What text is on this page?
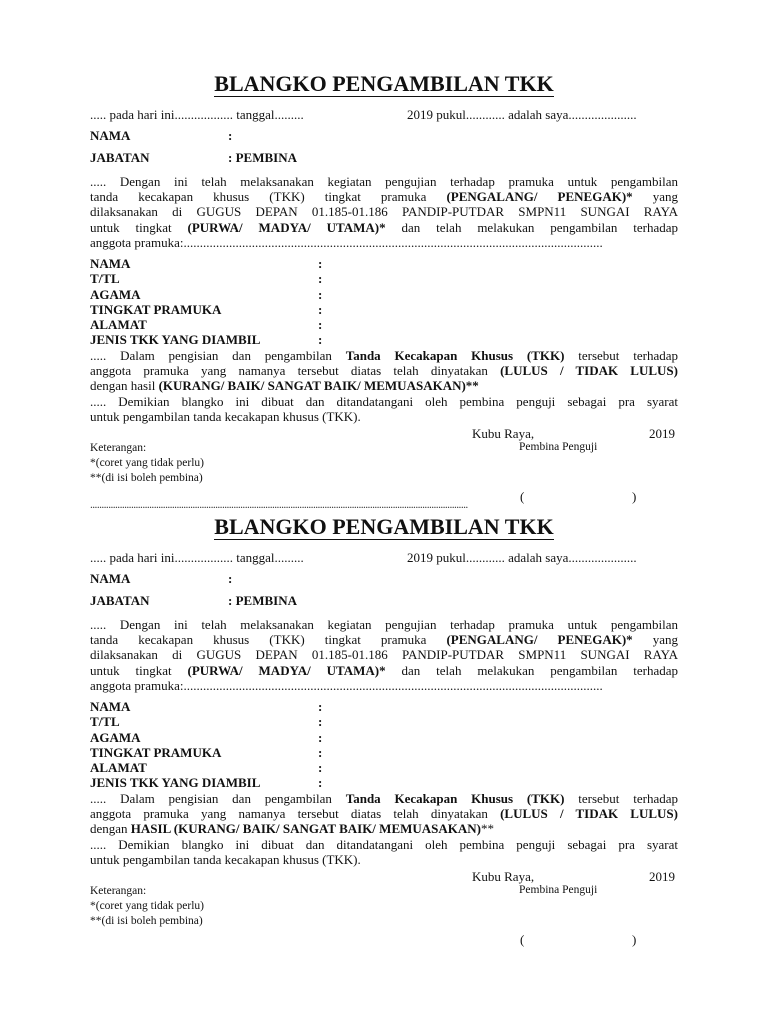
BLANGKO PENGAMBILAN TKK
..... pada hari ini.................. tanggal.........	2019 pukul............ adalah saya.....................
NAMA	:
JABATAN	: PEMBINA
..... Dengan ini telah melaksanakan kegiatan pengujian terhadap pramuka untuk pengambilan
tanda kecakapan khusus (TKK) tingkat pramuka (PENGALANG/ PENEGAK)* yang
dilaksanakan di GUGUS DEPAN 01.185-01.186 PANDIP-PUTDAR SMPN11 SUNGAI RAYA
untuk tingkat (PURWA/ MADYA/ UTAMA)* dan telah melakukan pengambilan terhadap
anggota pramuka:.................................................................................................................................
NAMA	:
T/TL	:
AGAMA	:
TINGKAT PRAMUKA	:
ALAMAT	:
JENIS TKK YANG DIAMBIL	:
..... Dalam pengisian dan pengambilan Tanda Kecakapan Khusus (TKK) tersebut terhadap
anggota pramuka yang namanya tersebut diatas telah dinyatakan (LULUS / TIDAK LULUS)
dengan hasil (KURANG/ BAIK/ SANGAT BAIK/ MEMUASAKAN)**
..... Demikian blangko ini dibuat dan ditandatangani oleh pembina penguji sebagai pra syarat
untuk pengambilan tanda kecakapan khusus (TKK).
Kubu Raya,	2019
Keterangan:	Pembina Penguji
*(coret yang tidak perlu)
**(di isi boleh pembina)
(	)
......................................................................................................................................................................
BLANGKO PENGAMBILAN TKK
..... pada hari ini.................. tanggal.........	2019 pukul............ adalah saya.....................
NAMA	:
JABATAN	: PEMBINA
..... Dengan ini telah melaksanakan kegiatan pengujian terhadap pramuka untuk pengambilan
tanda kecakapan khusus (TKK) tingkat pramuka (PENGALANG/ PENEGAK)* yang
dilaksanakan di GUGUS DEPAN 01.185-01.186 PANDIP-PUTDAR SMPN11 SUNGAI RAYA
untuk tingkat (PURWA/ MADYA/ UTAMA)* dan telah melakukan pengambilan terhadap
anggota pramuka:.................................................................................................................................
NAMA	:
T/TL	:
AGAMA	:
TINGKAT PRAMUKA	:
ALAMAT	:
JENIS TKK YANG DIAMBIL	:
..... Dalam pengisian dan pengambilan Tanda Kecakapan Khusus (TKK) tersebut terhadap
anggota pramuka yang namanya tersebut diatas telah dinyatakan (LULUS / TIDAK LULUS)
dengan HASIL (KURANG/ BAIK/ SANGAT BAIK/ MEMUASAKAN)**
..... Demikian blangko ini dibuat dan ditandatangani oleh pembina penguji sebagai pra syarat
untuk pengambilan tanda kecakapan khusus (TKK).
Kubu Raya,	2019
Keterangan:	Pembina Penguji
*(coret yang tidak perlu)
**(di isi boleh pembina)
(	)
